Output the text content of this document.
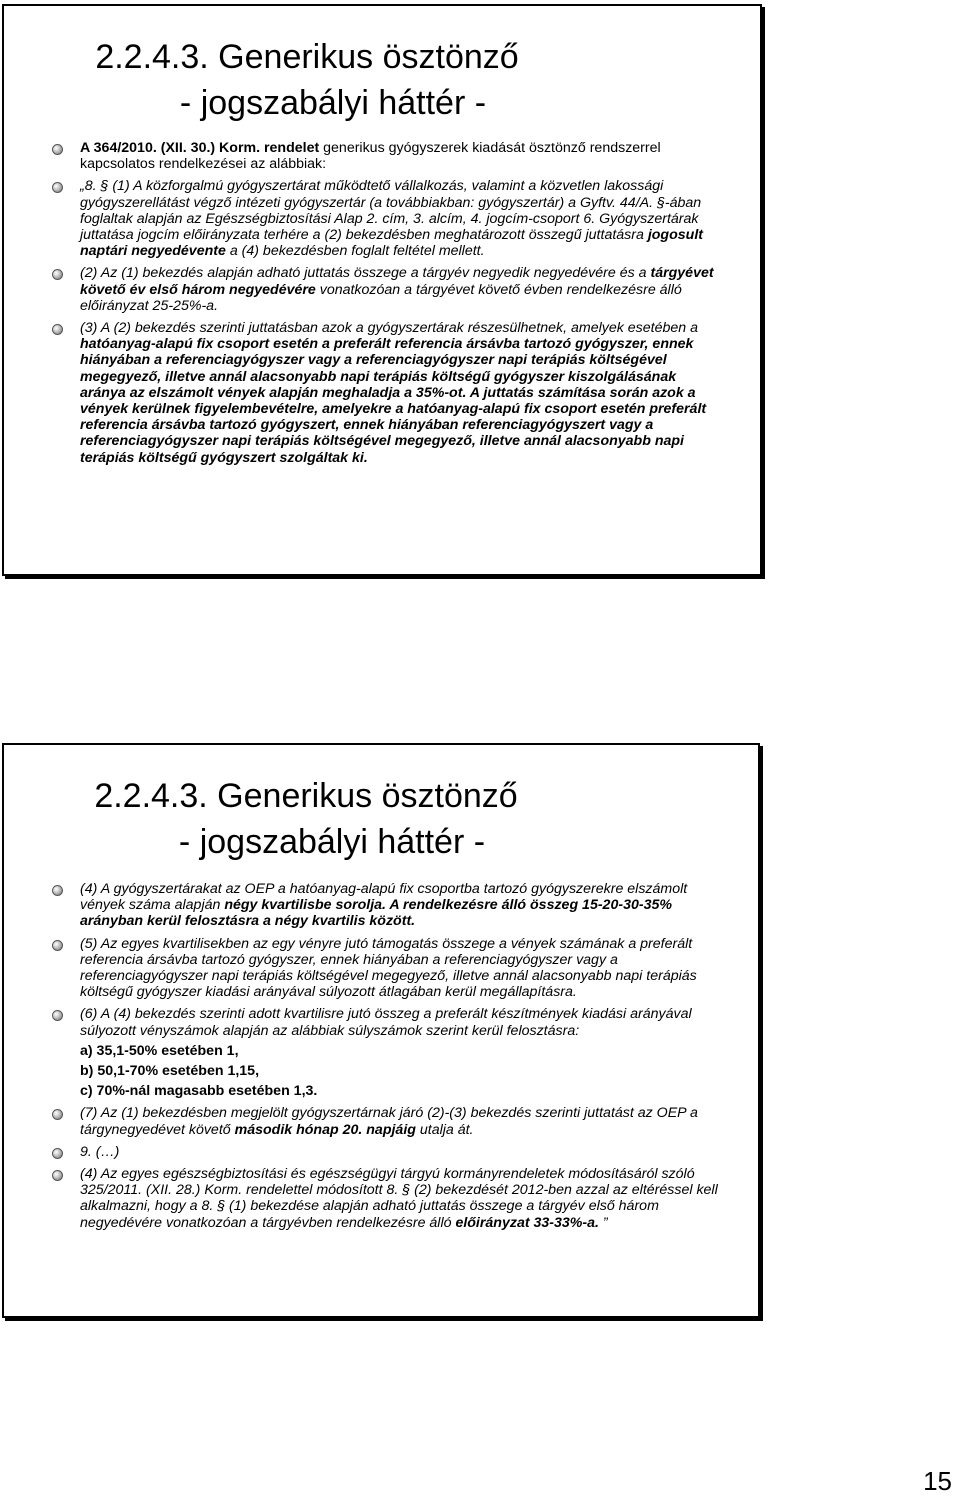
2.2.4.3. Generikus ösztönző
- jogszabályi háttér -

A 364/2010. (XII. 30.) Korm. rendelet generikus gyógyszerek kiadását ösztönző rendszerrel kapcsolatos rendelkezései az alábbiak:

„8. § (1) A közforgalmú gyógyszertárat működtető vállalkozás, valamint a közvetlen lakossági gyógyszerellátást végző intézeti gyógyszertár (a továbbiakban: gyógyszertár) a Gyftv. 44/A. §-ában foglaltak alapján az Egészségbiztosítási Alap 2. cím, 3. alcím, 4. jogcím-csoport 6. Gyógyszertárak juttatása jogcím előirányzata terhére a (2) bekezdésben meghatározott összegű juttatásra jogosult naptári negyedévente a (4) bekezdésben foglalt feltétel mellett.

(2) Az (1) bekezdés alapján adható juttatás összege a tárgyév negyedik negyedévére és a tárgyévet követő év első három negyedévére vonatkozóan a tárgyévet követő évben rendelkezésre álló előirányzat 25-25%-a.

(3) A (2) bekezdés szerinti juttatásban azok a gyógyszertárak részesülhetnek, amelyek esetében a hatóanyag-alapú fix csoport esetén a preferált referencia ársávba tartozó gyógyszer, ennek hiányában a referenciagyógyszer vagy a referenciagyógyszer napi terápiás költségével megegyező, illetve annál alacsonyabb napi terápiás költségű gyógyszer kiszolgálásának aránya az elszámolt vények alapján meghaladja a 35%-ot. A juttatás számítása során azok a vények kerülnek figyelembevételre, amelyekre a hatóanyag-alapú fix csoport esetén preferált referencia ársávba tartozó gyógyszert, ennek hiányában referenciagyógyszert vagy a referenciagyógyszer napi terápiás költségével megegyező, illetve annál alacsonyabb napi terápiás költségű gyógyszert szolgáltak ki.

2.2.4.3. Generikus ösztönző
- jogszabályi háttér -

(4) A gyógyszertárakat az OEP a hatóanyag-alapú fix csoportba tartozó gyógyszerekre elszámolt vények száma alapján négy kvartilisbe sorolja. A rendelkezésre álló összeg 15-20-30-35% arányban kerül felosztásra a négy kvartilis között.

(5) Az egyes kvartilisekben az egy vényre jutó támogatás összege a vények számának a preferált referencia ársávba tartozó gyógyszer, ennek hiányában a referenciagyógyszer vagy a referenciagyógyszer napi terápiás költségével megegyező, illetve annál alacsonyabb napi terápiás költségű gyógyszer kiadási arányával súlyozott átlagában kerül megállapításra.

(6) A (4) bekezdés szerinti adott kvartilisre jutó összeg a preferált készítmények kiadási arányával súlyozott vényszámok alapján az alábbiak súlyszámok szerint kerül felosztásra:

a) 35,1-50% esetében 1,
b) 50,1-70% esetében 1,15,
c) 70%-nál magasabb esetében 1,3.

(7) Az (1) bekezdésben megjelölt gyógyszertárnak járó (2)-(3) bekezdés szerinti juttatást az OEP a tárgynegyedévet követő második hónap 20. napjáig utalja át.

9. (…)

(4) Az egyes egészségbiztosítási és egészségügyi tárgyú kormányrendeletek módosításáról szóló 325/2011. (XII. 28.) Korm. rendelettel módosított 8. § (2) bekezdését 2012-ben azzal az eltéréssel kell alkalmazni, hogy a 8. § (1) bekezdése alapján adható juttatás összege a tárgyév első három negyedévére vonatkozóan a tárgyévben rendelkezésre álló előirányzat 33-33%-a. ”

15
